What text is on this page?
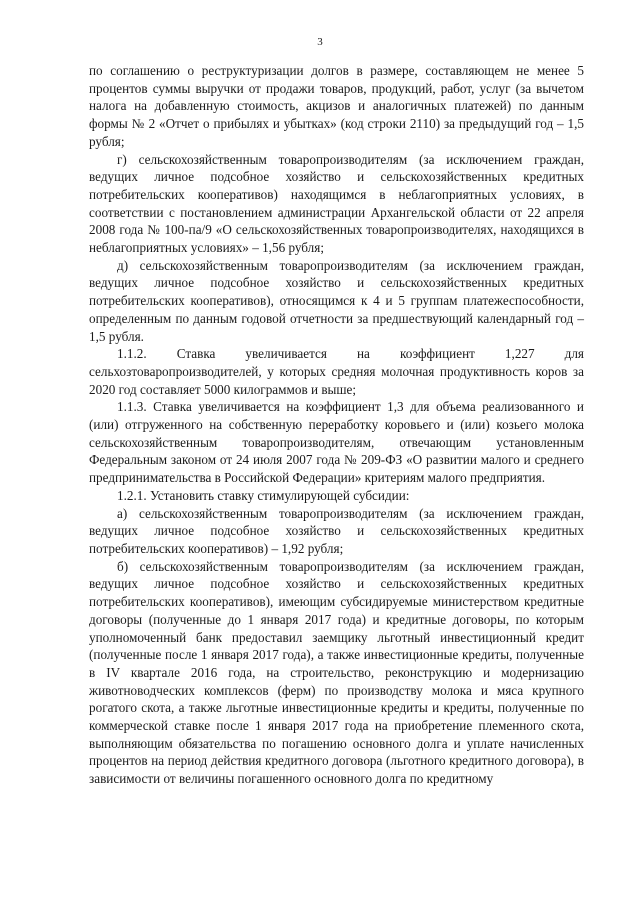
3

по соглашению о реструктуризации долгов в размере, составляющем не менее 5 процентов суммы выручки от продажи товаров, продукций, работ, услуг (за вычетом налога на добавленную стоимость, акцизов и аналогичных платежей) по данным формы № 2 «Отчет о прибылях и убытках» (код строки 2110) за предыдущий год – 1,5 рубля;

г) сельскохозяйственным товаропроизводителям (за исключением граждан, ведущих личное подсобное хозяйство и сельскохозяйственных кредитных потребительских кооперативов) находящимся в неблагоприятных условиях, в соответствии с постановлением администрации Архангельской области от 22 апреля 2008 года № 100-па/9 «О сельскохозяйственных товаропроизводителях, находящихся в неблагоприятных условиях» – 1,56 рубля;

д) сельскохозяйственным товаропроизводителям (за исключением граждан, ведущих личное подсобное хозяйство и сельскохозяйственных кредитных потребительских кооперативов), относящимся к 4 и 5 группам платежеспособности, определенным по данным годовой отчетности за предшествующий календарный год – 1,5 рубля.

1.1.2. Ставка увеличивается на коэффициент 1,227 для сельхозтоваропроизводителей, у которых средняя молочная продуктивность коров за 2020 год составляет 5000 килограммов и выше;

1.1.3. Ставка увеличивается на коэффициент 1,3 для объема реализованного и (или) отгруженного на собственную переработку коровьего и (или) козьего молока сельскохозяйственным товаропроизводителям, отвечающим установленным Федеральным законом от 24 июля 2007 года № 209-ФЗ «О развитии малого и среднего предпринимательства в Российской Федерации» критериям малого предприятия.

1.2.1. Установить ставку стимулирующей субсидии:

а) сельскохозяйственным товаропроизводителям (за исключением граждан, ведущих личное подсобное хозяйство и сельскохозяйственных кредитных потребительских кооперативов) – 1,92 рубля;

б) сельскохозяйственным товаропроизводителям (за исключением граждан, ведущих личное подсобное хозяйство и сельскохозяйственных кредитных потребительских кооперативов), имеющим субсидируемые министерством кредитные договоры (полученные до 1 января 2017 года) и кредитные договоры, по которым уполномоченный банк предоставил заемщику льготный инвестиционный кредит (полученные после 1 января 2017 года), а также инвестиционные кредиты, полученные в IV квартале 2016 года, на строительство, реконструкцию и модернизацию животноводческих комплексов (ферм) по производству молока и мяса крупного рогатого скота, а также льготные инвестиционные кредиты и кредиты, полученные по коммерческой ставке после 1 января 2017 года на приобретение племенного скота, выполняющим обязательства по погашению основного долга и уплате начисленных процентов на период действия кредитного договора (льготного кредитного договора), в зависимости от величины погашенного основного долга по кредитному
